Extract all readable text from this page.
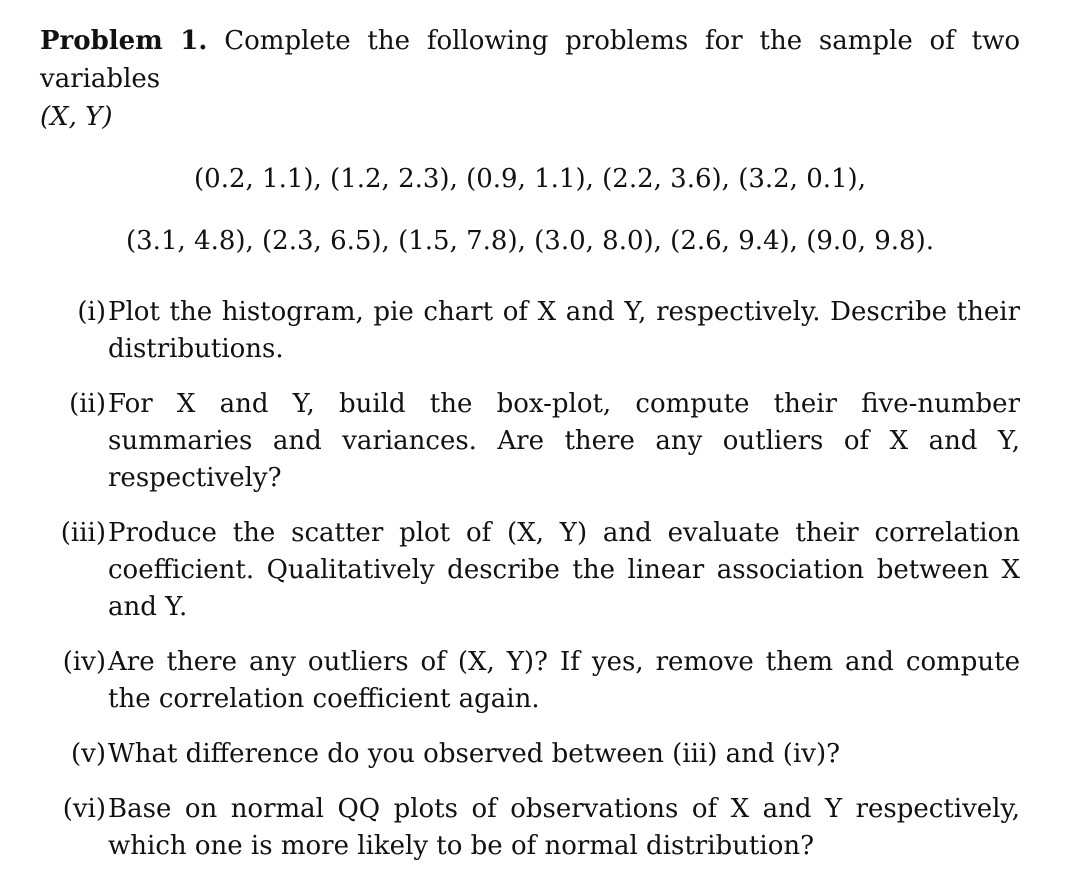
Problem 1. Complete the following problems for the sample of two variables
(X, Y)

(0.2, 1.1), (1.2, 2.3), (0.9, 1.1), (2.2, 3.6), (3.2, 0.1),
(3.1, 4.8), (2.3, 6.5), (1.5, 7.8), (3.0, 8.0), (2.6, 9.4), (9.0, 9.8).
(i) Plot the histogram, pie chart of X and Y, respectively. Describe their distributions.
(ii) For X and Y, build the box-plot, compute their five-number summaries and variances. Are there any outliers of X and Y, respectively?
(iii) Produce the scatter plot of (X, Y) and evaluate their correlation coefficient. Qualitatively describe the linear association between X and Y.
(iv) Are there any outliers of (X, Y)? If yes, remove them and compute the correlation coefficient again.
(v) What difference do you observed between (iii) and (iv)?
(vi) Base on normal QQ plots of observations of X and Y respectively, which one is more likely to be of normal distribution?
